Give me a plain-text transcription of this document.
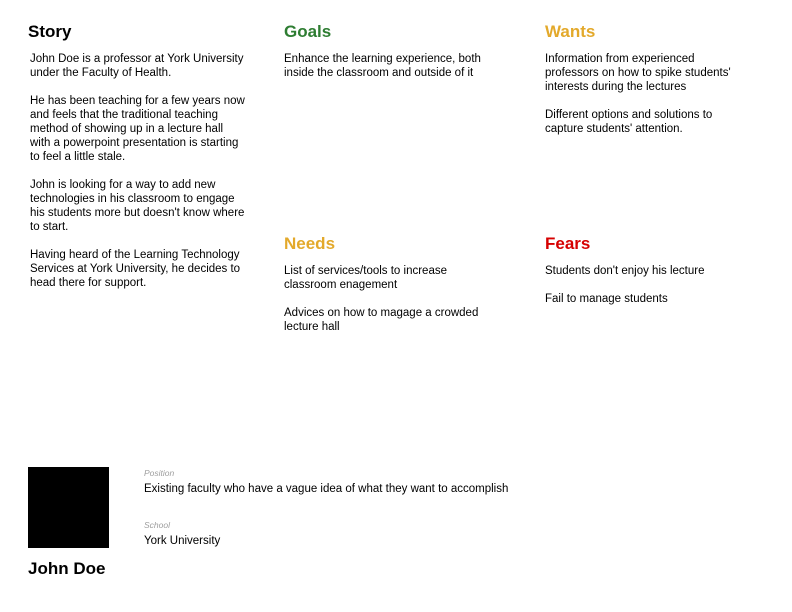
Story

John Doe is a professor at York University under the Faculty of Health.

He has been teaching for a few years now and feels that the traditional teaching method of showing up in a lecture hall with a powerpoint presentation is starting to feel a little stale.

John is looking for a way to add new technologies in his classroom to engage his students more but doesn't know where to start.

Having heard of the Learning Technology Services at York University, he decides to head there for support.

Goals

Enhance the learning experience, both inside the classroom and outside of it

Wants

Information from experienced professors on how to spike students' interests during the lectures

Different options and solutions to capture students' attention.

Needs

List of services/tools to increase classroom enagement

Advices on how to magage a crowded lecture hall

Fears

Students don't enjoy his lecture

Fail to manage students

John Doe

Position

Existing faculty who have a vague idea of what they want to accomplish

School

York University
